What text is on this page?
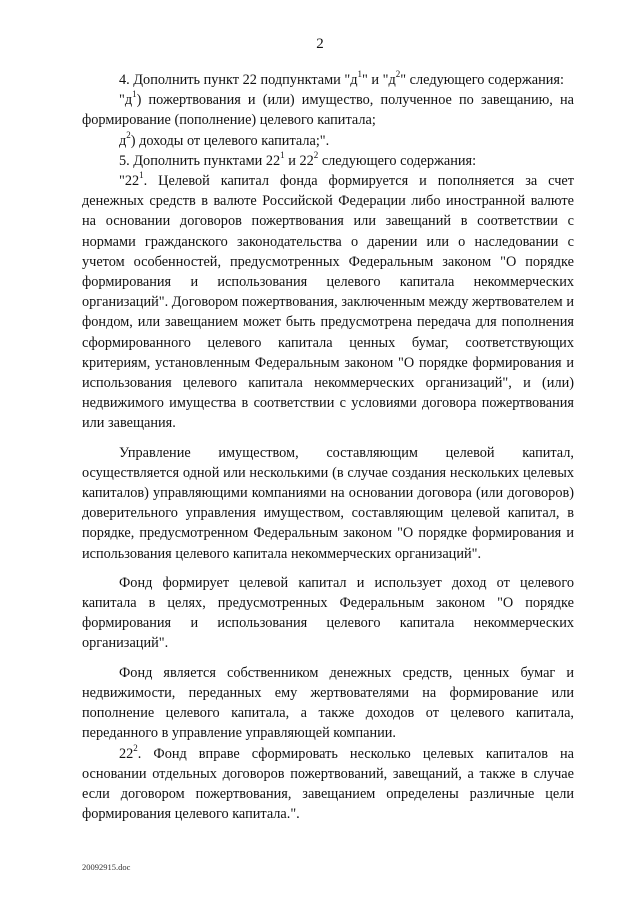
2

4. Дополнить пункт 22 подпунктами "$д^1$" и "$д^2$" следующего содержания:

"$д^1$) пожертвования и (или) имущество, полученное по завещанию, на формирование (пополнение) целевого капитала;

$д^2$) доходы от целевого капитала;".

5. Дополнить пунктами $22^1$ и $22^2$ следующего содержания:

"$22^1$. Целевой капитал фонда формируется и пополняется за счет денежных средств в валюте Российской Федерации либо иностранной валюте на основании договоров пожертвования или завещаний в соответствии с нормами гражданского законодательства о дарении или о наследовании с учетом особенностей, предусмотренных Федеральным законом "О порядке формирования и использования целевого капитала некоммерческих организаций". Договором пожертвования, заключенным между жертвователем и фондом, или завещанием может быть предусмотрена передача для пополнения сформированного целевого капитала ценных бумаг, соответствующих критериям, установленным Федеральным законом "О порядке формирования и использования целевого капитала некоммерческих организаций", и (или) недвижимого имущества в соответствии с условиями договора пожертвования или завещания.

Управление имуществом, составляющим целевой капитал, осуществляется одной или несколькими (в случае создания нескольких целевых капиталов) управляющими компаниями на основании договора (или договоров) доверительного управления имуществом, составляющим целевой капитал, в порядке, предусмотренном Федеральным законом "О порядке формирования и использования целевого капитала некоммерческих организаций".

Фонд формирует целевой капитал и использует доход от целевого капитала в целях, предусмотренных Федеральным законом "О порядке формирования и использования целевого капитала некоммерческих организаций".

Фонд является собственником денежных средств, ценных бумаг и недвижимости, переданных ему жертвователями на формирование или пополнение целевого капитала, а также доходов от целевого капитала, переданного в управление управляющей компании.

$22^2$. Фонд вправе сформировать несколько целевых капиталов на основании отдельных договоров пожертвований, завещаний, а также в случае если договором пожертвования, завещанием определены различные цели формирования целевого капитала.".

20092915.doc
